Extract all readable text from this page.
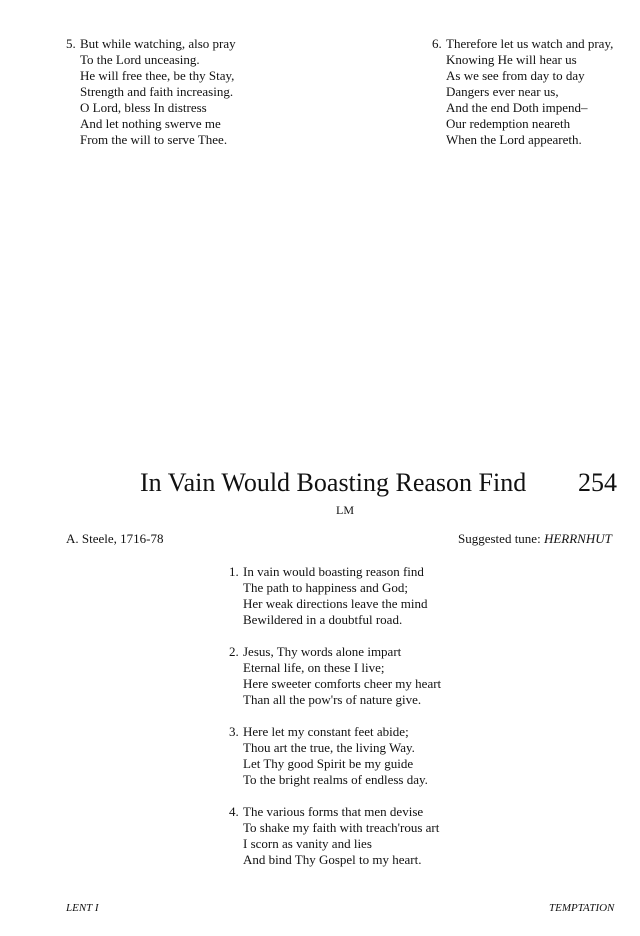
5. But while watching, also pray
To the Lord unceasing.
He will free thee, be thy Stay,
Strength and faith increasing.
O Lord, bless In distress
And let nothing swerve me
From the will to serve Thee.
6. Therefore let us watch and pray,
Knowing He will hear us
As we see from day to day
Dangers ever near us,
And the end Doth impend–
Our redemption neareth
When the Lord appeareth.
In Vain Would Boasting Reason Find 254
LM
A. Steele, 1716-78	Suggested tune: HERRNHUT
1. In vain would boasting reason find
The path to happiness and God;
Her weak directions leave the mind
Bewildered in a doubtful road.
2. Jesus, Thy words alone impart
Eternal life, on these I live;
Here sweeter comforts cheer my heart
Than all the pow'rs of nature give.
3. Here let my constant feet abide;
Thou art the true, the living Way.
Let Thy good Spirit be my guide
To the bright realms of endless day.
4. The various forms that men devise
To shake my faith with treach'rous art
I scorn as vanity and lies
And bind Thy Gospel to my heart.
LENT I	TEMPTATION
